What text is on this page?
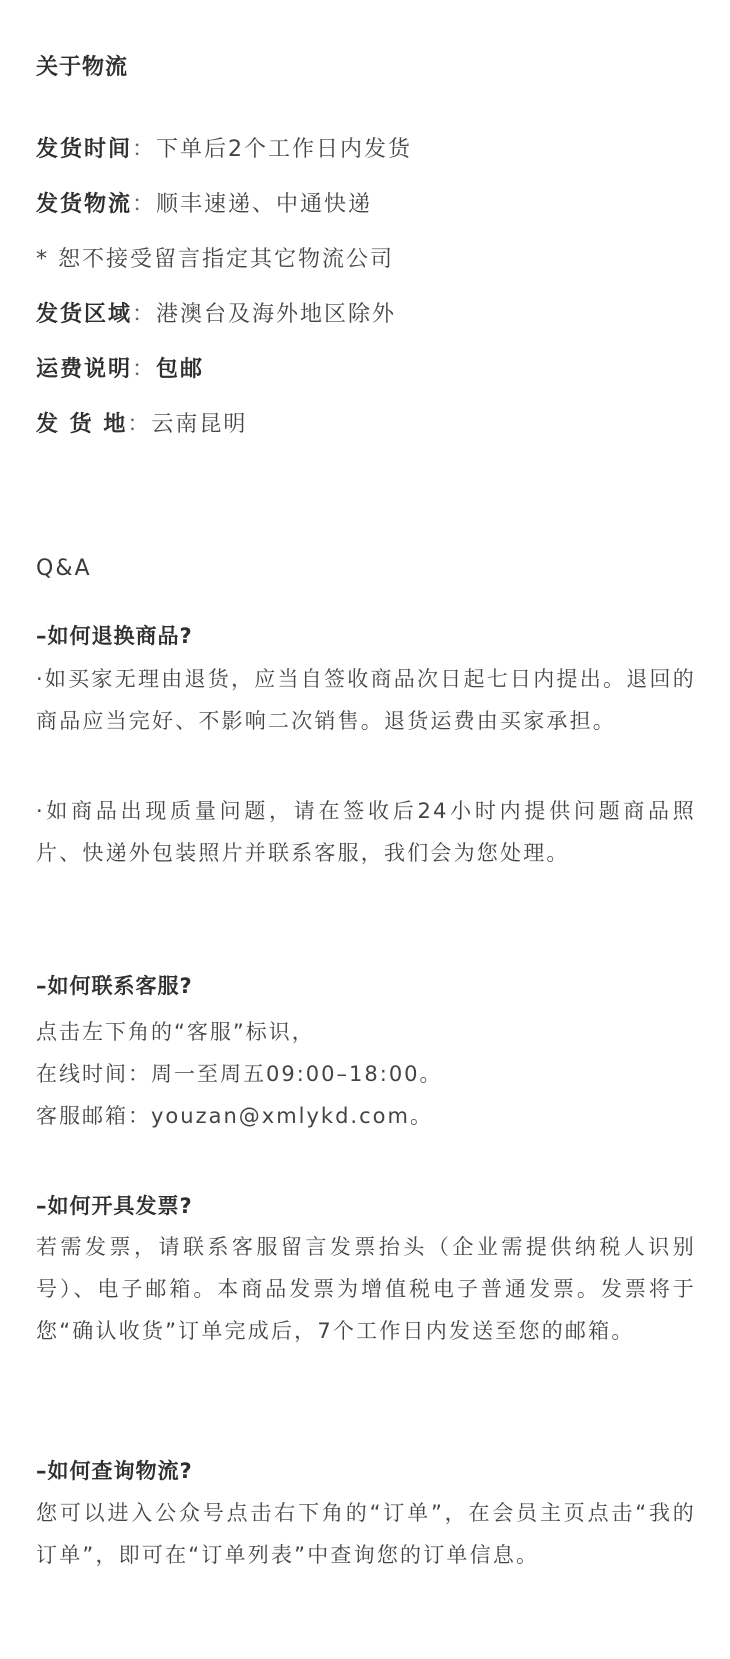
关于物流
发货时间：下单后2个工作日内发货
发货物流：顺丰速递、中通快递
* 恕不接受留言指定其它物流公司
发货区域：港澳台及海外地区除外
运费说明：包邮
发 货 地：云南昆明
Q&A
–如何退换商品?
·如买家无理由退货，应当自签收商品次日起七日内提出。退回的商品应当完好、不影响二次销售。退货运费由买家承担。
·如商品出现质量问题，请在签收后24小时内提供问题商品照片、快递外包装照片并联系客服，我们会为您处理。
–如何联系客服?
点击左下角的“客服”标识，
在线时间：周一至周五09:00–18:00。
客服邮箱：youzan@xmlykd.com。
–如何开具发票?
若需发票，请联系客服留言发票抬头（企业需提供纳税人识别号）、电子邮箱。本商品发票为增值税电子普通发票。发票将于您“确认收货”订单完成后，7个工作日内发送至您的邮箱。
–如何查询物流?
您可以进入公众号点击右下角的“订单”，在会员主页点击“我的订单”，即可在“订单列表”中查询您的订单信息。
